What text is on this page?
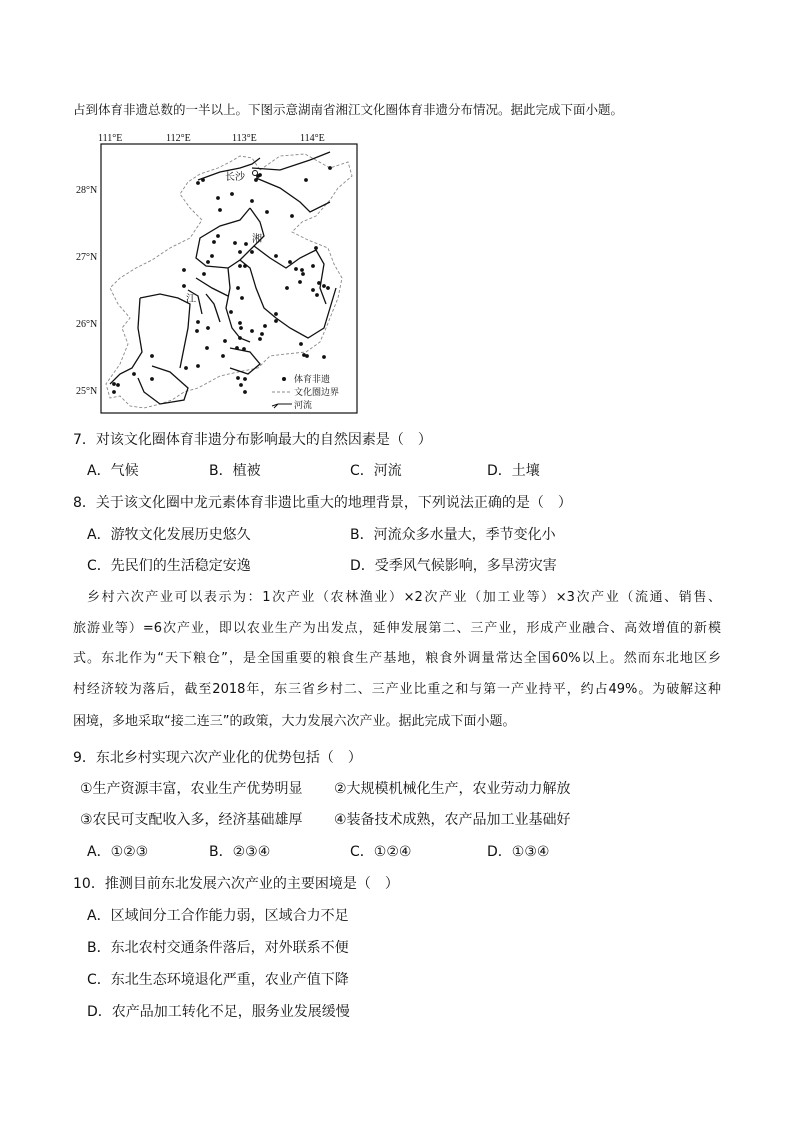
占到体育非遗总数的一半以上。下图示意湖南省湘江文化圈体育非遗分布情况。据此完成下面小题。
111°E	112°E	113°E	114°E
28°N
27°N
26°N
25°N
长沙
湘
江
体育非遗
文化圈边界
河流
7．对该文化圈体育非遗分布影响最大的自然因素是（　）
A．气候	B．植被	C．河流	D．土壤
8．关于该文化圈中龙元素体育非遗比重大的地理背景，下列说法正确的是（　）
A．游牧文化发展历史悠久	B．河流众多水量大，季节变化小
C．先民们的生活稳定安逸	D．受季风气候影响，多旱涝灾害
乡村六次产业可以表示为：1次产业（农林渔业）×2次产业（加工业等）×3次产业（流通、销售、
旅游业等）=6次产业，即以农业生产为出发点，延伸发展第二、三产业，形成产业融合、高效增值的新模
式。东北作为“天下粮仓”，是全国重要的粮食生产基地，粮食外调量常达全国60%以上。然而东北地区乡
村经济较为落后，截至2018年，东三省乡村二、三产业比重之和与第一产业持平，约占49%。为破解这种
困境，多地采取“接二连三”的政策，大力发展六次产业。据此完成下面小题。
9．东北乡村实现六次产业化的优势包括（　）
①生产资源丰富，农业生产优势明显 ②大规模机械化生产，农业劳动力解放
③农民可支配收入多，经济基础雄厚 ④装备技术成熟，农产品加工业基础好
A．①②③	B．②③④	C．①②④	D．①③④
10．推测目前东北发展六次产业的主要困境是（　）
A．区域间分工合作能力弱，区域合力不足
B．东北农村交通条件落后，对外联系不便
C．东北生态环境退化严重，农业产值下降
D．农产品加工转化不足，服务业发展缓慢
